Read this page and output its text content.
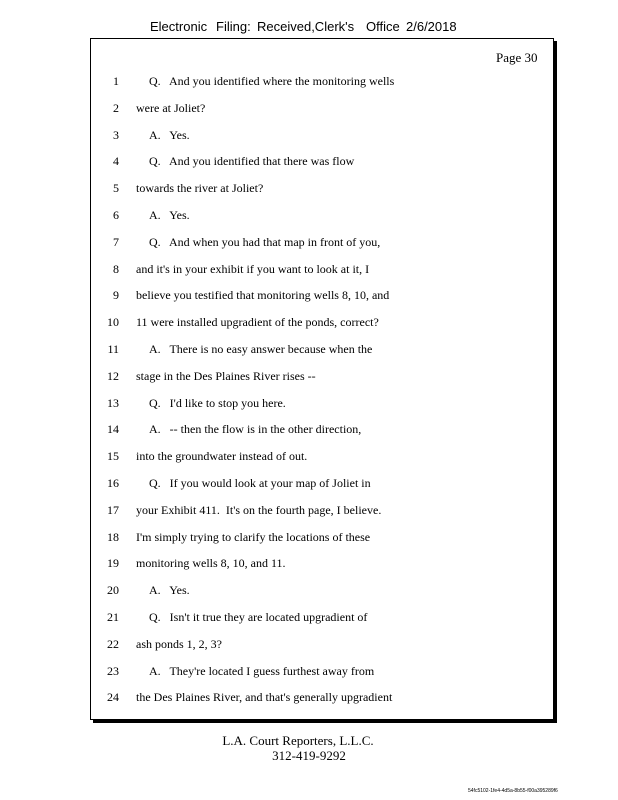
Electronic Filing: Received,Clerk's Office 2/6/2018
Page 30
1	Q.   And you identified where the monitoring wells
2 were at Joliet?
3	A.   Yes.
4	Q.   And you identified that there was flow
5 towards the river at Joliet?
6	A.   Yes.
7	Q.   And when you had that map in front of you,
8 and it's in your exhibit if you want to look at it, I
9 believe you testified that monitoring wells 8, 10, and
10 11 were installed upgradient of the ponds, correct?
11	A.   There is no easy answer because when the
12 stage in the Des Plaines River rises --
13	Q.   I'd like to stop you here.
14	A.   -- then the flow is in the other direction,
15 into the groundwater instead of out.
16	Q.   If you would look at your map of Joliet in
17 your Exhibit 411.  It's on the fourth page, I believe.
18 I'm simply trying to clarify the locations of these
19 monitoring wells 8, 10, and 11.
20	A.   Yes.
21	Q.   Isn't it true they are located upgradient of
22 ash ponds 1, 2, 3?
23	A.   They're located I guess furthest away from
24 the Des Plaines River, and that's generally upgradient
L.A. Court Reporters, L.L.C.
312-419-9292
54fc5102-1fe4-4d5a-8b55-f00a395289f6
